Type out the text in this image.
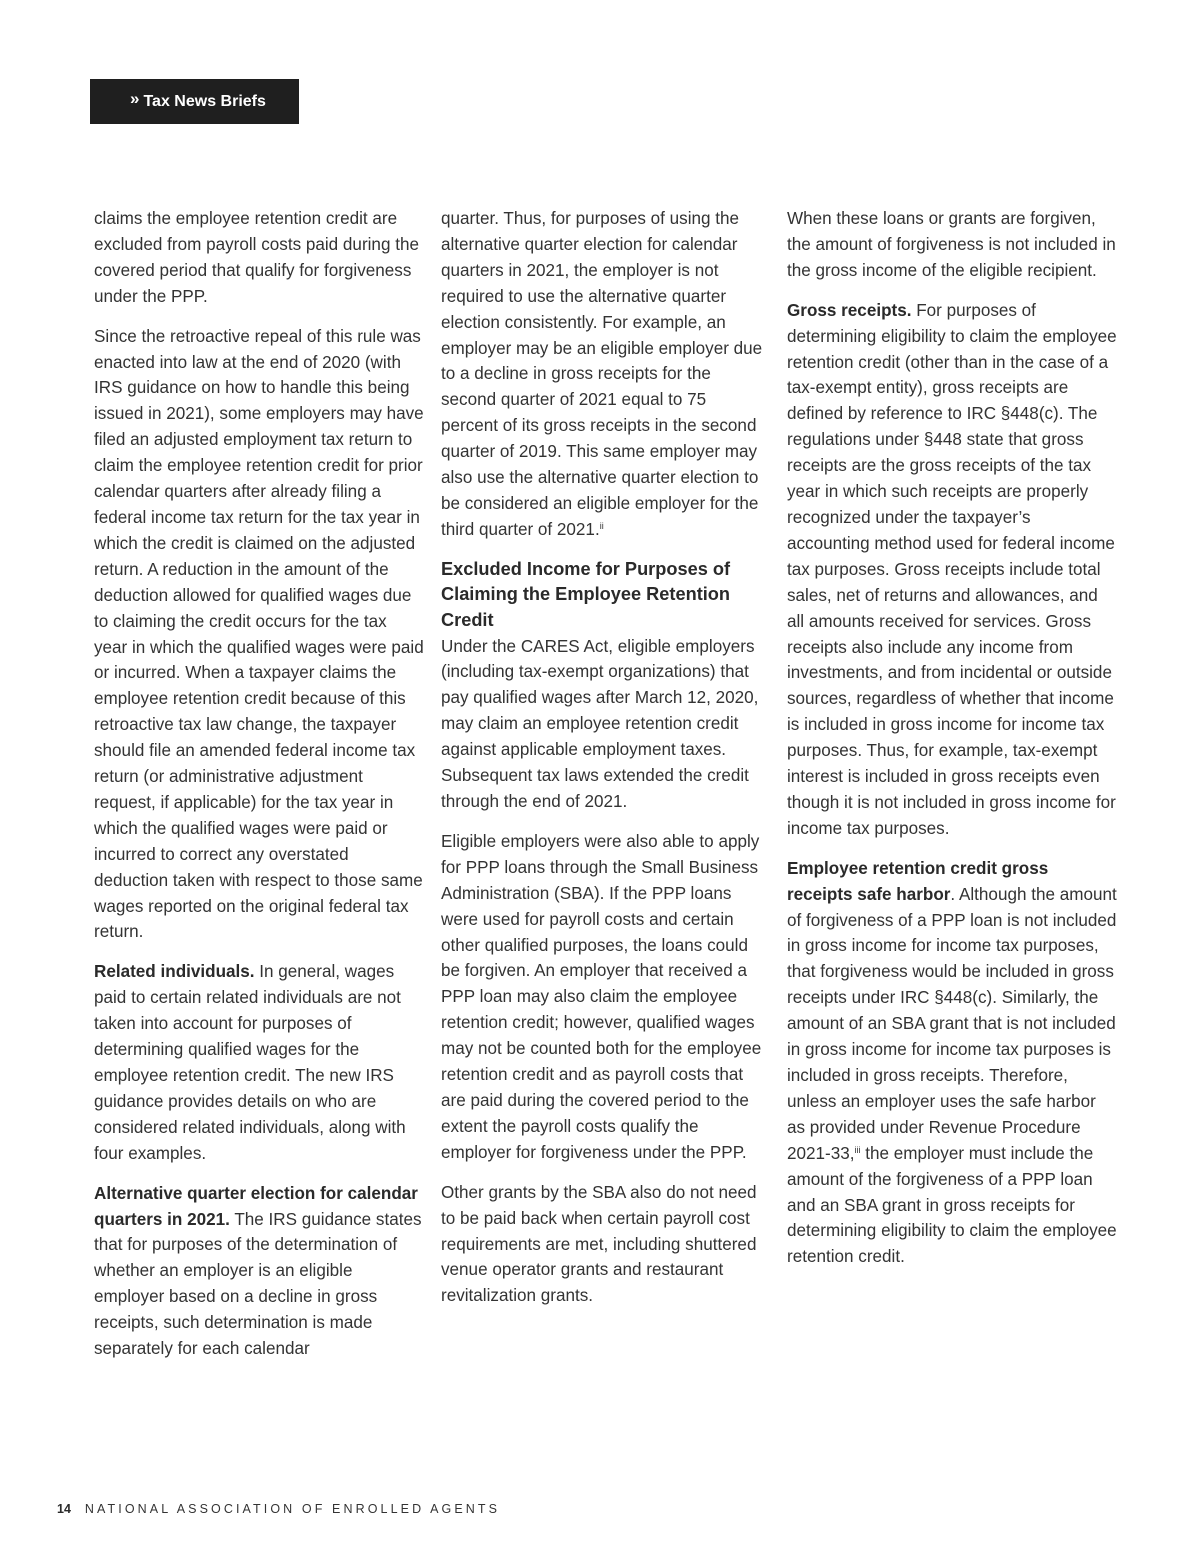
» Tax News Briefs

claims the employee retention credit are excluded from payroll costs paid during the covered period that qualify for forgiveness under the PPP.

Since the retroactive repeal of this rule was enacted into law at the end of 2020 (with IRS guidance on how to handle this being issued in 2021), some employers may have filed an adjusted employment tax return to claim the employee retention credit for prior calendar quarters after already filing a federal income tax return for the tax year in which the credit is claimed on the adjusted return. A reduction in the amount of the deduction allowed for qualified wages due to claiming the credit occurs for the tax year in which the qualified wages were paid or incurred. When a taxpayer claims the employee retention credit because of this retroactive tax law change, the taxpayer should file an amended federal income tax return (or administrative adjustment request, if applicable) for the tax year in which the qualified wages were paid or incurred to correct any overstated deduction taken with respect to those same wages reported on the original federal tax return.

Related individuals. In general, wages paid to certain related individuals are not taken into account for purposes of determining qualified wages for the employee retention credit. The new IRS guidance provides details on who are considered related individuals, along with four examples.

Alternative quarter election for calendar quarters in 2021. The IRS guidance states that for purposes of the determination of whether an employer is an eligible employer based on a decline in gross receipts, such determination is made separately for each calendar

quarter. Thus, for purposes of using the alternative quarter election for calendar quarters in 2021, the employer is not required to use the alternative quarter election consistently. For example, an employer may be an eligible employer due to a decline in gross receipts for the second quarter of 2021 equal to 75 percent of its gross receipts in the second quarter of 2019. This same employer may also use the alternative quarter election to be considered an eligible employer for the third quarter of 2021.$^{ii}$

Excluded Income for Purposes of Claiming the Employee Retention Credit

Under the CARES Act, eligible employers (including tax-exempt organizations) that pay qualified wages after March 12, 2020, may claim an employee retention credit against applicable employment taxes. Subsequent tax laws extended the credit through the end of 2021.

Eligible employers were also able to apply for PPP loans through the Small Business Administration (SBA). If the PPP loans were used for payroll costs and certain other qualified purposes, the loans could be forgiven. An employer that received a PPP loan may also claim the employee retention credit; however, qualified wages may not be counted both for the employee retention credit and as payroll costs that are paid during the covered period to the extent the payroll costs qualify the employer for forgiveness under the PPP.

Other grants by the SBA also do not need to be paid back when certain payroll cost requirements are met, including shuttered venue operator grants and restaurant revitalization grants.

When these loans or grants are forgiven, the amount of forgiveness is not included in the gross income of the eligible recipient.

Gross receipts. For purposes of determining eligibility to claim the employee retention credit (other than in the case of a tax-exempt entity), gross receipts are defined by reference to IRC §448(c). The regulations under §448 state that gross receipts are the gross receipts of the tax year in which such receipts are properly recognized under the taxpayer’s accounting method used for federal income tax purposes. Gross receipts include total sales, net of returns and allowances, and all amounts received for services. Gross receipts also include any income from investments, and from incidental or outside sources, regardless of whether that income is included in gross income for income tax purposes. Thus, for example, tax-exempt interest is included in gross receipts even though it is not included in gross income for income tax purposes.

Employee retention credit gross receipts safe harbor. Although the amount of forgiveness of a PPP loan is not included in gross income for income tax purposes, that forgiveness would be included in gross receipts under IRC §448(c). Similarly, the amount of an SBA grant that is not included in gross income for income tax purposes is included in gross receipts. Therefore, unless an employer uses the safe harbor as provided under Revenue Procedure 2021-33,$^{iii}$ the employer must include the amount of the forgiveness of a PPP loan and an SBA grant in gross receipts for determining eligibility to claim the employee retention credit.

14 NATIONAL ASSOCIATION OF ENROLLED AGENTS
